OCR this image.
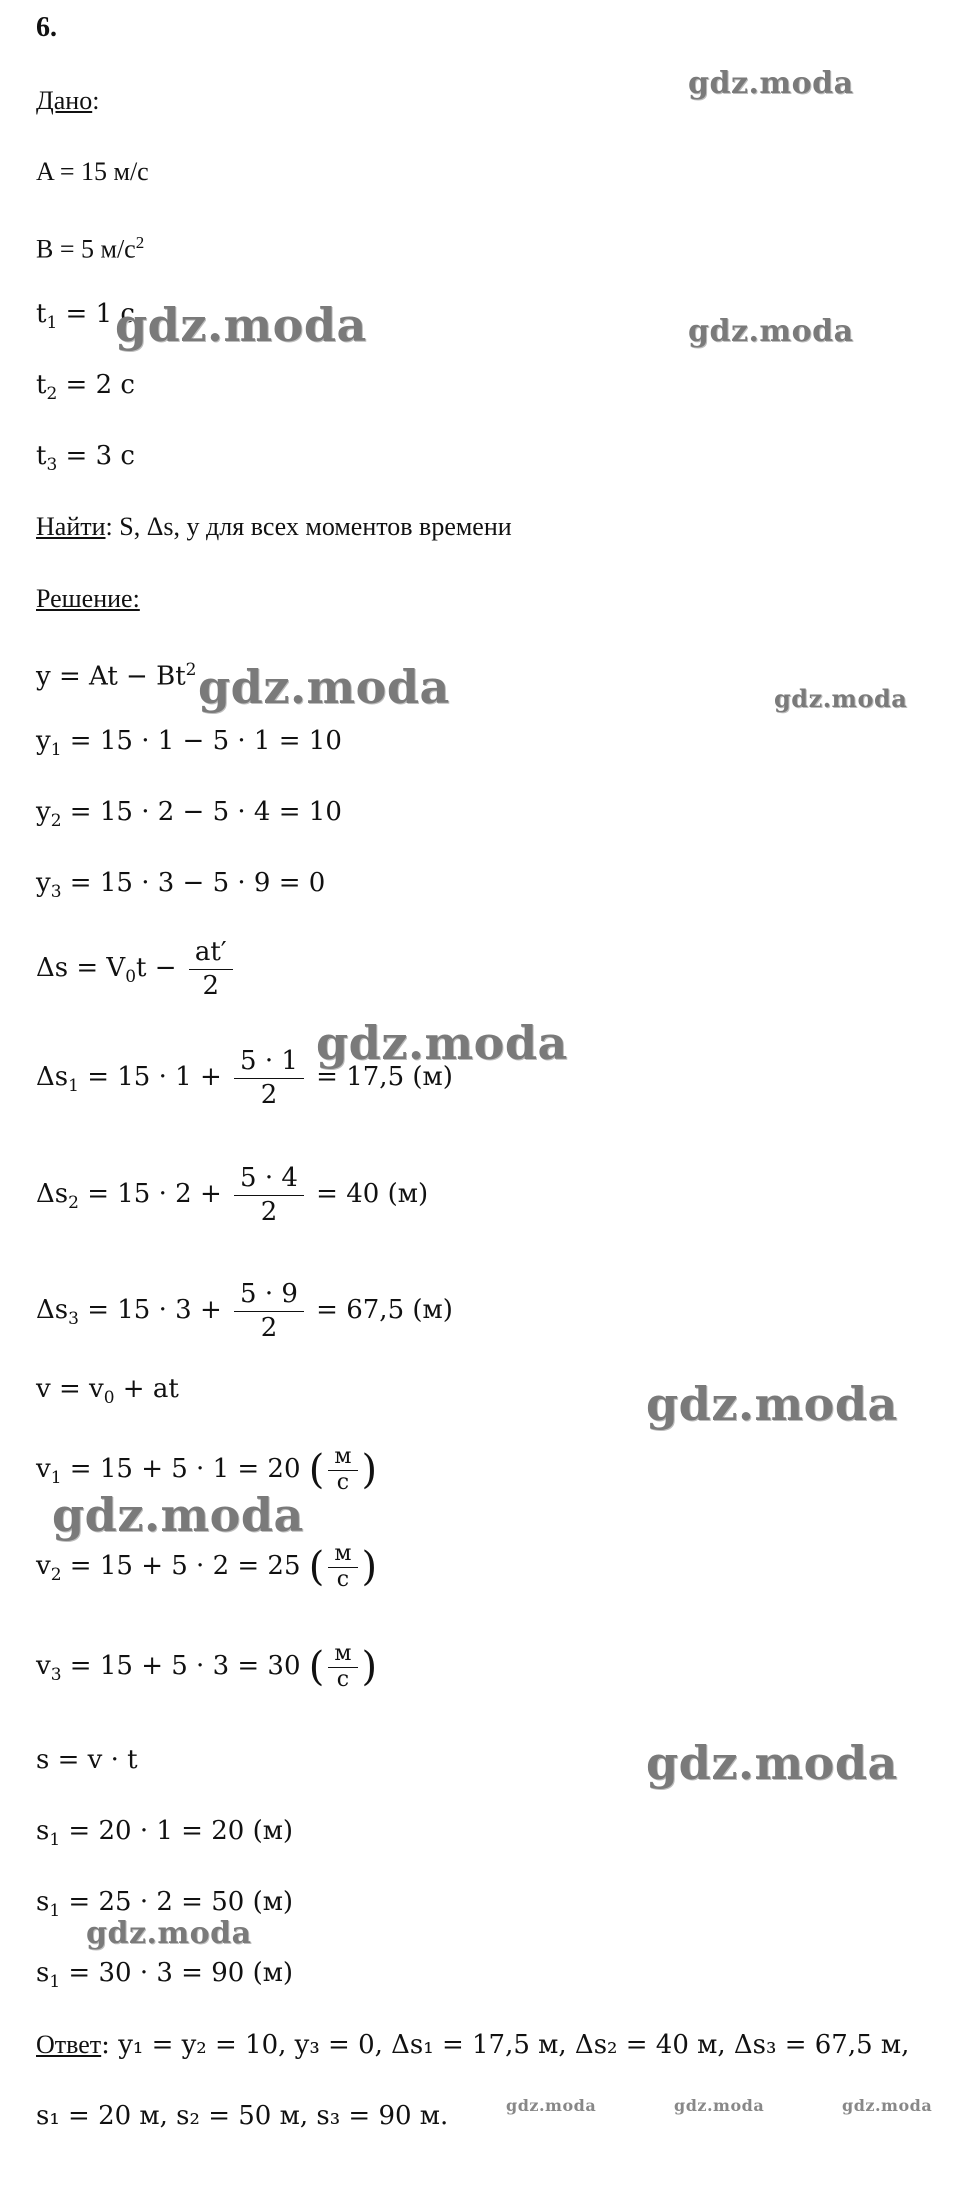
6.
Дано:
A = 15 м/с
B = 5 $м/с^2$
$t_1 = 1$ с
$t_2 = 2$ с
$t_3 = 3$ с
Найти: S, Δs, y для всех моментов времени
Решение:
$y = At - Bt^2$
$y_1 = 15 \cdot 1 - 5 \cdot 1 = 10$
$y_2 = 15 \cdot 2 - 5 \cdot 4 = 10$
$y_3 = 15 \cdot 3 - 5 \cdot 9 = 0$
$\Delta s = V_0t - \frac{at'}{2}$
$\Delta s_1 = 15 \cdot 1 + \frac{5 \cdot 1}{2} = 17,5$ (м)
$\Delta s_2 = 15 \cdot 2 + \frac{5 \cdot 4}{2} = 40$ (м)
$\Delta s_3 = 15 \cdot 3 + \frac{5 \cdot 9}{2} = 67,5$ (м)
$v = v_0$ + at
$v_1 = 15 + 5 \cdot 1 = 20$ ( $\frac{м}{с}$ )
$v_2 = 15 + 5 \cdot 2 = 25$ ( $\frac{м}{с}$ )
$v_3 = 15 + 5 \cdot 3 = 30$ ( $\frac{м}{с}$ )
s = v · t
$s_1 = 20 \cdot 1 = 20$ (м)
$s_1 = 25 \cdot 2 = 50$ (м)
$s_1 = 30 \cdot 3 = 90$ (м)
Ответ: y₁ = y₂ = 10, y₃ = 0, Δs₁ = 17,5 м, Δs₂ = 40 м, Δs₃ = 67,5 м,
s₁ = 20 м, s₂ = 50 м, s₃ = 90 м.
gdz.moda
gdz.moda	gdz.moda
gdz.moda	gdz.moda
gdz.moda
gdz.moda
gdz.moda
gdz.moda
gdz.moda
gdz.moda	gdz.moda	gdz.moda
